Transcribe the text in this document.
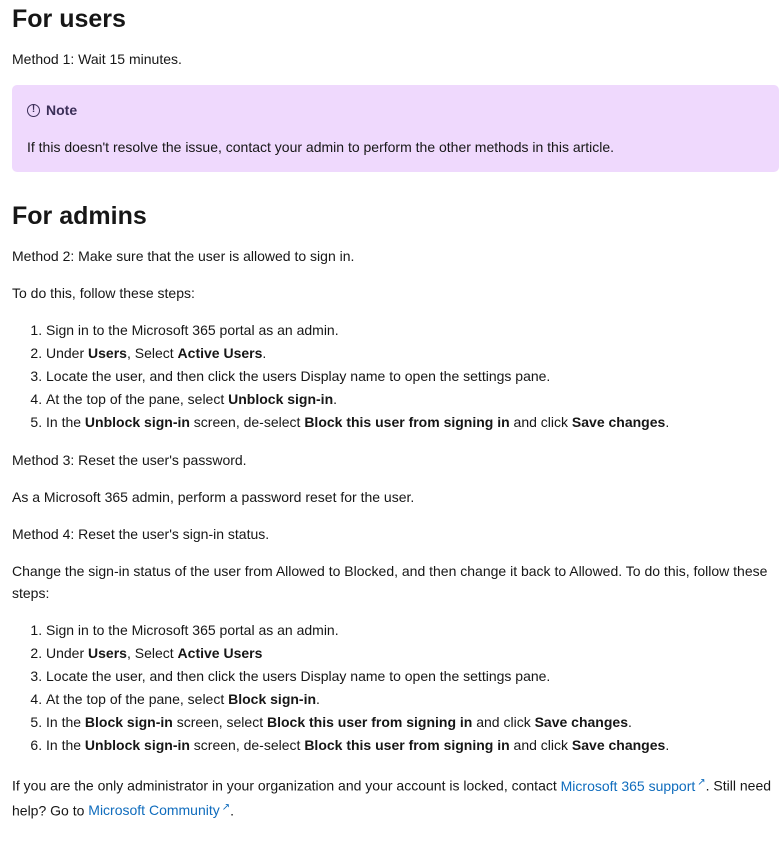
For users

Method 1: Wait 15 minutes.

! Note

If this doesn't resolve the issue, contact your admin to perform the other methods in this article.

For admins

Method 2: Make sure that the user is allowed to sign in.

To do this, follow these steps:

1. Sign in to the Microsoft 365 portal as an admin.
2. Under Users, Select Active Users.
3. Locate the user, and then click the users Display name to open the settings pane.
4. At the top of the pane, select Unblock sign-in.
5. In the Unblock sign-in screen, de-select Block this user from signing in and click Save changes.

Method 3: Reset the user's password.

As a Microsoft 365 admin, perform a password reset for the user.

Method 4: Reset the user's sign-in status.

Change the sign-in status of the user from Allowed to Blocked, and then change it back to Allowed. To do this, follow these steps:

1. Sign in to the Microsoft 365 portal as an admin.
2. Under Users, Select Active Users
3. Locate the user, and then click the users Display name to open the settings pane.
4. At the top of the pane, select Block sign-in.
5. In the Block sign-in screen, select Block this user from signing in and click Save changes.
6. In the Unblock sign-in screen, de-select Block this user from signing in and click Save changes.

If you are the only administrator in your organization and your account is locked, contact Microsoft 365 support ↗. Still need help? Go to Microsoft Community ↗.
